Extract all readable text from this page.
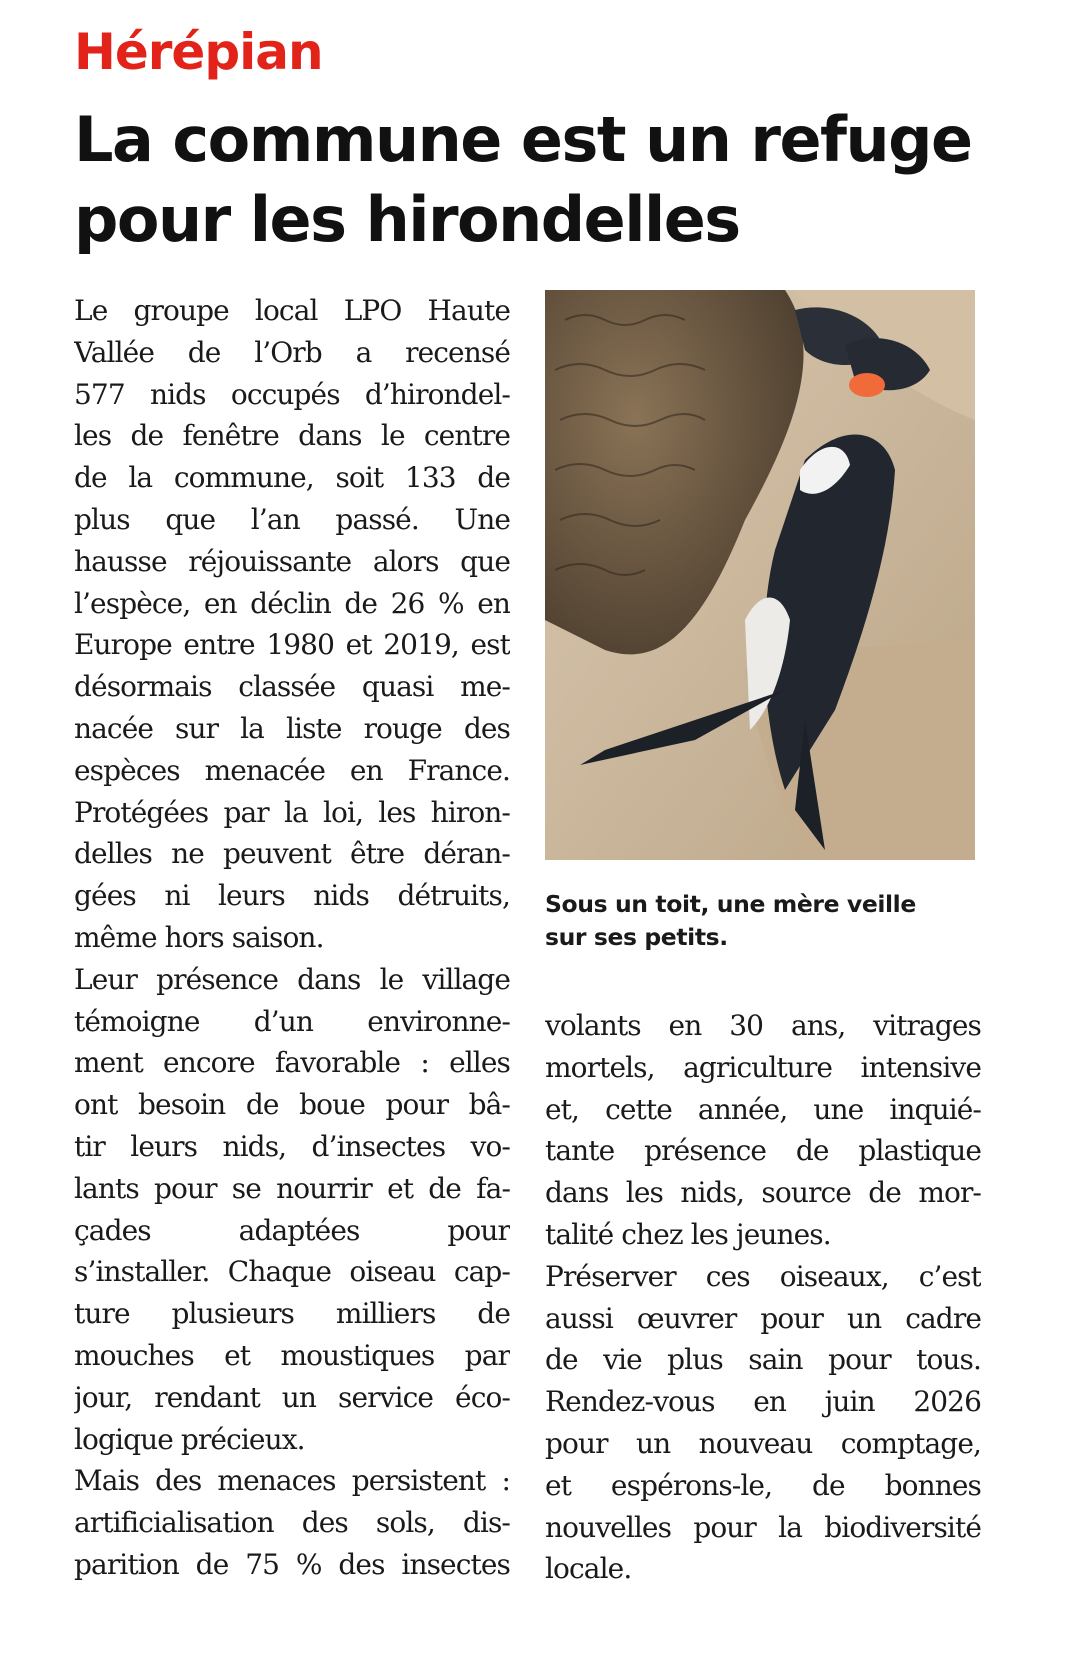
Hérépian
La commune est un refuge
pour les hirondelles
Le groupe local LPO Haute
Vallée de l’Orb a recensé
577 nids occupés d’hirondel-
les de fenêtre dans le centre
de la commune, soit 133 de
plus que l’an passé. Une
hausse réjouissante alors que
l’espèce, en déclin de 26 % en
Europe entre 1980 et 2019, est
désormais classée quasi me-
nacée sur la liste rouge des
espèces menacée en France.
Protégées par la loi, les hiron-
delles ne peuvent être déran-
gées ni leurs nids détruits,
même hors saison.
Leur présence dans le village
témoigne d’un environne-
ment encore favorable : elles
ont besoin de boue pour bâ-
tir leurs nids, d’insectes vo-
lants pour se nourrir et de fa-
çades adaptées pour
s’installer. Chaque oiseau cap-
ture plusieurs milliers de
mouches et moustiques par
jour, rendant un service éco-
logique précieux.
Mais des menaces persistent :
artificialisation des sols, dis-
parition de 75 % des insectes
Sous un toit, une mère veille
sur ses petits.
volants en 30 ans, vitrages
mortels, agriculture intensive
et, cette année, une inquié-
tante présence de plastique
dans les nids, source de mor-
talité chez les jeunes.
Préserver ces oiseaux, c’est
aussi œuvrer pour un cadre
de vie plus sain pour tous.
Rendez-vous en juin 2026
pour un nouveau comptage,
et espérons-le, de bonnes
nouvelles pour la biodiversité
locale.
